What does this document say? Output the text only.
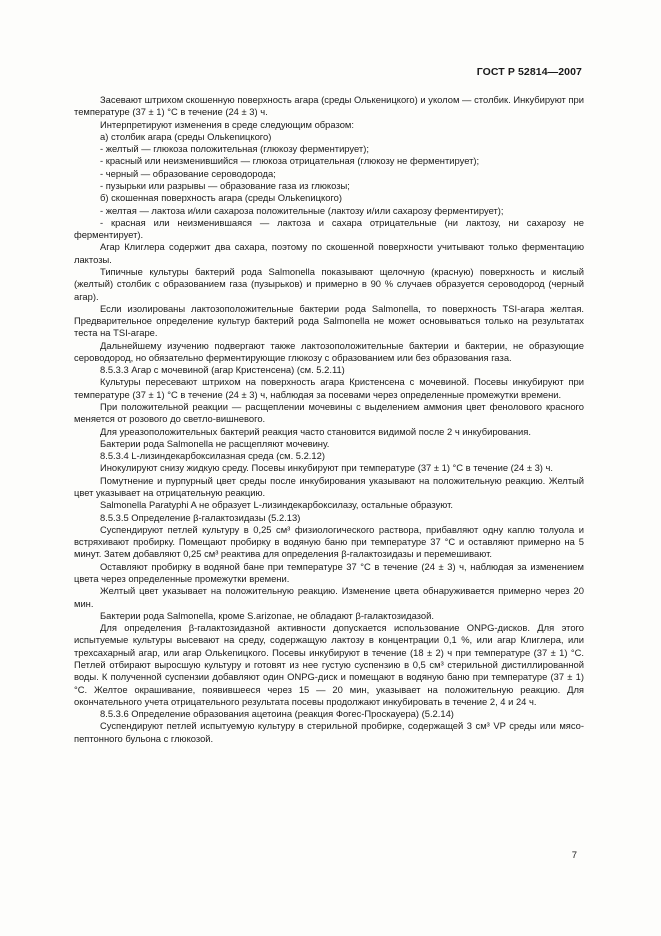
ГОСТ Р 52814—2007

Засевают штрихом скошенную поверхность агара (среды Олькеницкого) и уколом — столбик. Инкубируют при температуре (37 ± 1) °С в течение (24 ± 3) ч.

Интерпретируют изменения в среде следующим образом:

а) столбик агара (среды Ольkenицкого)

- желтый — глюкоза положительная (глюкозу ферментирует);

- красный или неизменившийся — глюкоза отрицательная (глюкозу не ферментирует);

- черный — образование сероводорода;

- пузырьки или разрывы — образование газа из глюкозы;

б) скошенная поверхность агара (среды Ольkenицкого)

- желтая — лактоза и/или сахароза положительные (лактозу и/или сахарозу ферментирует);

- красная или неизменившаяся — лактоза и сахара отрицательные (ни лактозу, ни сахарозу не ферментирует).

Агар Клиглера содержит два сахара, поэтому по скошенной поверхности учитывают только ферментацию лактозы.

Типичные культуры бактерий рода Salmonella показывают щелочную (красную) поверхность и кислый (желтый) столбик с образованием газа (пузырьков) и примерно в 90 % случаев образуется сероводород (черный агар).

Если изолированы лактозоположительные бактерии рода Salmonella, то поверхность TSI-агара желтая. Предварительное определение культур бактерий рода Salmonella не может основываться только на результатах теста на TSI-агаре.

Дальнейшему изучению подвергают также лактозоположительные бактерии и бактерии, не образующие сероводород, но обязательно ферментирующие глюкозу с образованием или без образования газа.

8.5.3.3 Агар с мочевиной (агар Кристенсена) (см. 5.2.11)

Культуры пересевают штрихом на поверхность агара Кристенсена с мочевиной. Посевы инкубируют при температуре (37 ± 1) °С в течение (24 ± 3) ч, наблюдая за посевами через определенные промежутки времени.

При положительной реакции — расщеплении мочевины с выделением аммония цвет фенолового красного меняется от розового до светло-вишневого.

Для уреазоположительных бактерий реакция часто становится видимой после 2 ч инкубирования.

Бактерии рода Salmonella не расщепляют мочевину.

8.5.3.4 L-лизиндекарбоксилазная среда (см. 5.2.12)

Инокулируют снизу жидкую среду. Посевы инкубируют при температуре (37 ± 1) °С в течение (24 ± 3) ч.

Помутнение и пурпурный цвет среды после инкубирования указывают на положительную реакцию. Желтый цвет указывает на отрицательную реакцию.

Salmonella Paratyphi A не образует L-лизиндекарбоксилазу, остальные образуют.

8.5.3.5 Определение β-галактозидазы (5.2.13)

Суспендируют петлей культуру в 0,25 см³ физиологического раствора, прибавляют одну каплю толуола и встряхивают пробирку. Помещают пробирку в водяную баню при температуре 37 °С и оставляют примерно на 5 минут. Затем добавляют 0,25 см³ реактива для определения β-галактозидазы и перемешивают.

Оставляют пробирку в водяной бане при температуре 37 °С в течение (24 ± 3) ч, наблюдая за изменением цвета через определенные промежутки времени.

Желтый цвет указывает на положительную реакцию. Изменение цвета обнаруживается примерно через 20 мин.

Бактерии рода Salmonella, кроме S.arizonae, не обладают β-галактозидазой.

Для определения β-галактозидазной активности допускается использование ONPG-дисков. Для этого испытуемые культуры высевают на среду, содержащую лактозу в концентрации 0,1 %, или агар Клиглера, или трехсахарный агар, или агар Ольkenицкого. Посевы инкубируют в течение (18 ± 2) ч при температуре (37 ± 1) °С. Петлей отбирают выросшую культуру и готовят из нее густую суспензию в 0,5 см³ стерильной дистиллированной воды. К полученной суспензии добавляют один ONPG-диск и помещают в водяную баню при температуре (37 ± 1) °С. Желтое окрашивание, появившееся через 15 — 20 мин, указывает на положительную реакцию. Для окончательного учета отрицательного результата посевы продолжают инкубировать в течение 2, 4 и 24 ч.

8.5.3.6 Определение образования ацетоина (реакция Фогес-Проскауера) (5.2.14)

Суспендируют петлей испытуемую культуру в стерильной пробирке, содержащей 3 см³ VP среды или мясо-пептонного бульона с глюкозой.

7
